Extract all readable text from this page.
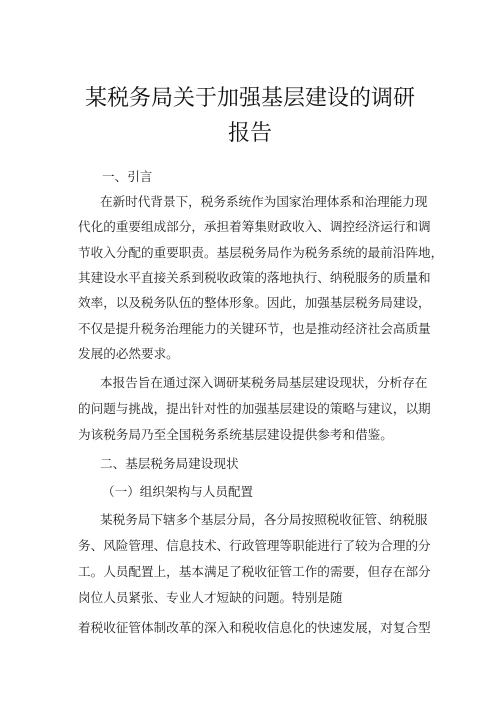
某税务局关于加强基层建设的调研
报告
一、引言
在新时代背景下，税务系统作为国家治理体系和治理能力现
代化的重要组成部分，承担着筹集财政收入、调控经济运行和调
节收入分配的重要职责。基层税务局作为税务系统的最前沿阵地，
其建设水平直接关系到税收政策的落地执行、纳税服务的质量和
效率，以及税务队伍的整体形象。因此，加强基层税务局建设，
不仅是提升税务治理能力的关键环节，也是推动经济社会高质量
发展的必然要求。
本报告旨在通过深入调研某税务局基层建设现状，分析存在
的问题与挑战，提出针对性的加强基层建设的策略与建议，以期
为该税务局乃至全国税务系统基层建设提供参考和借鉴。
二、基层税务局建设现状
（一）组织架构与人员配置
某税务局下辖多个基层分局，各分局按照税收征管、纳税服
务、风险管理、信息技术、行政管理等职能进行了较为合理的分
工。人员配置上，基本满足了税收征管工作的需要，但存在部分
岗位人员紧张、专业人才短缺的问题。特别是随
着税收征管体制改革的深入和税收信息化的快速发展，对复合型
